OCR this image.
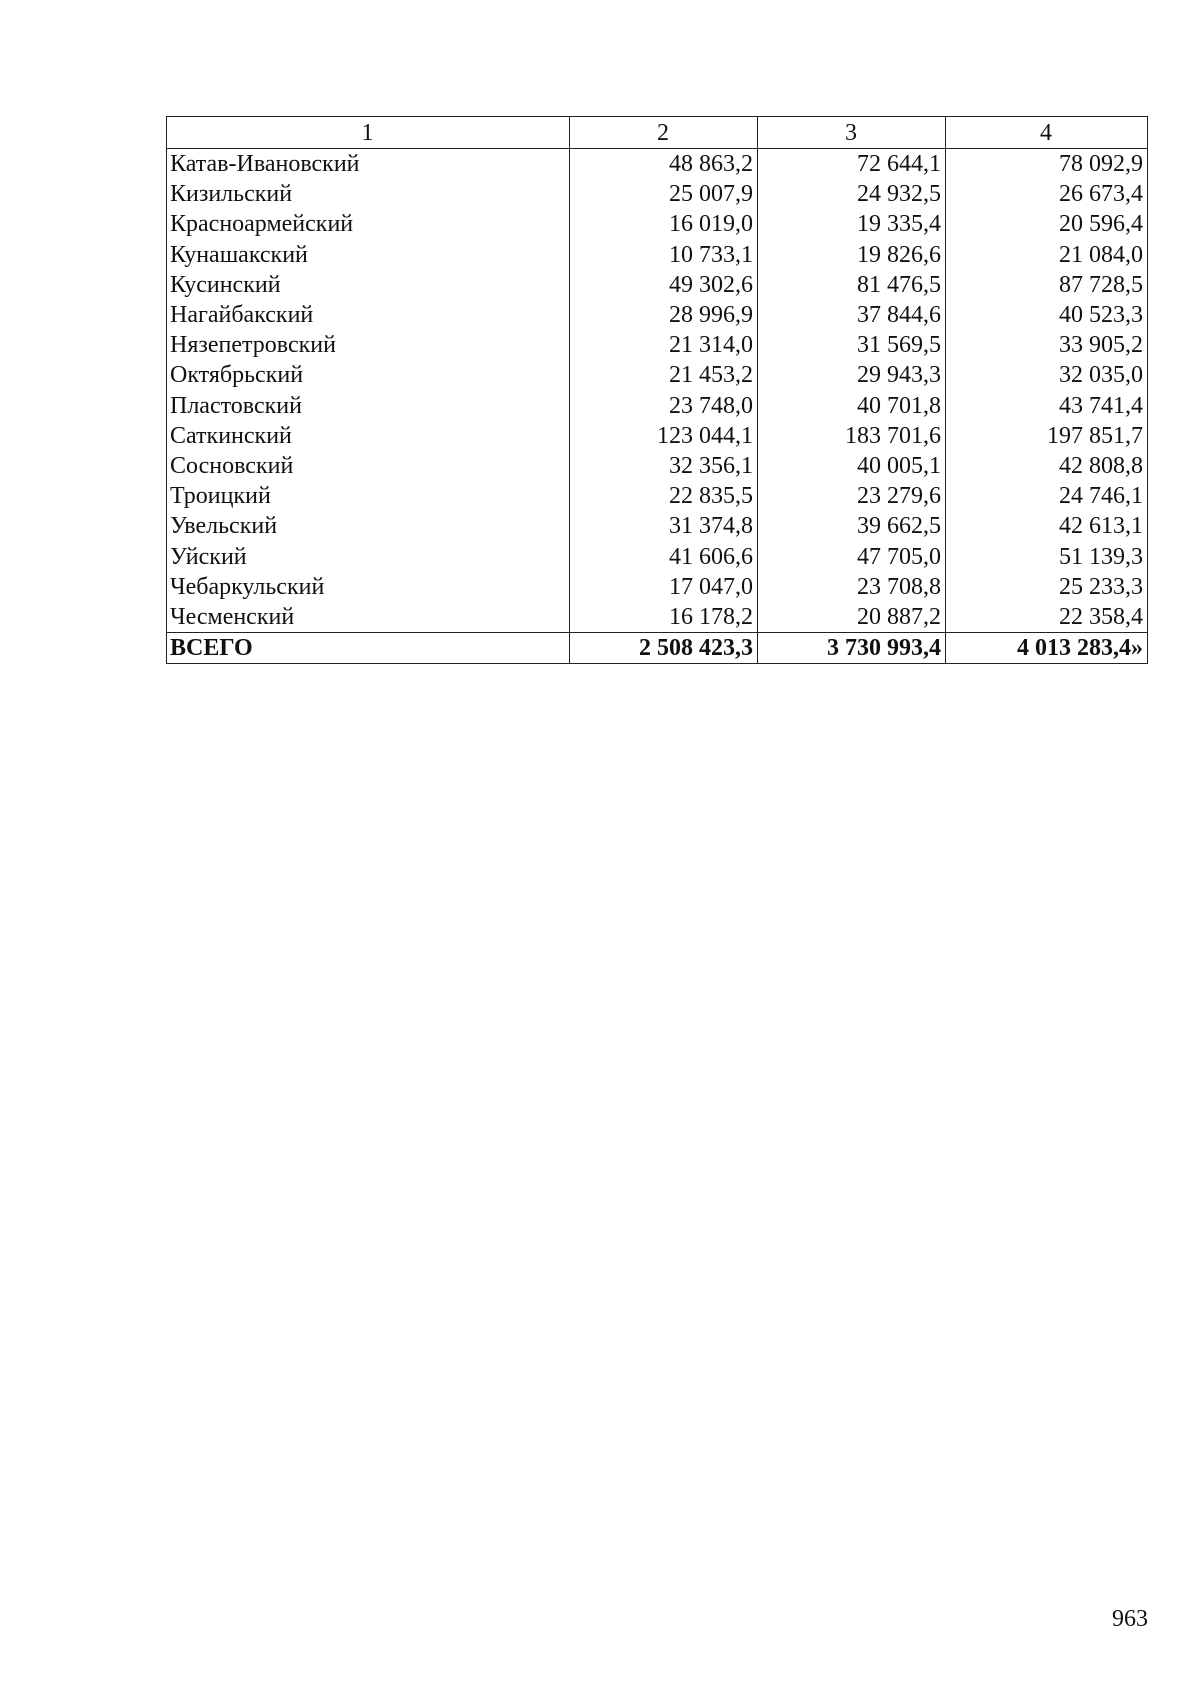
1	2	3	4
Катав-Ивановский	48 863,2	72 644,1	78 092,9
Кизильский	25 007,9	24 932,5	26 673,4
Красноармейский	16 019,0	19 335,4	20 596,4
Кунашакский	10 733,1	19 826,6	21 084,0
Кусинский	49 302,6	81 476,5	87 728,5
Нагайбакский	28 996,9	37 844,6	40 523,3
Нязепетровский	21 314,0	31 569,5	33 905,2
Октябрьский	21 453,2	29 943,3	32 035,0
Пластовский	23 748,0	40 701,8	43 741,4
Саткинский	123 044,1	183 701,6	197 851,7
Сосновский	32 356,1	40 005,1	42 808,8
Троицкий	22 835,5	23 279,6	24 746,1
Увельский	31 374,8	39 662,5	42 613,1
Уйский	41 606,6	47 705,0	51 139,3
Чебаркульский	17 047,0	23 708,8	25 233,3
Чесменский	16 178,2	20 887,2	22 358,4
ВСЕГО	2 508 423,3	3 730 993,4	4 013 283,4»
963
